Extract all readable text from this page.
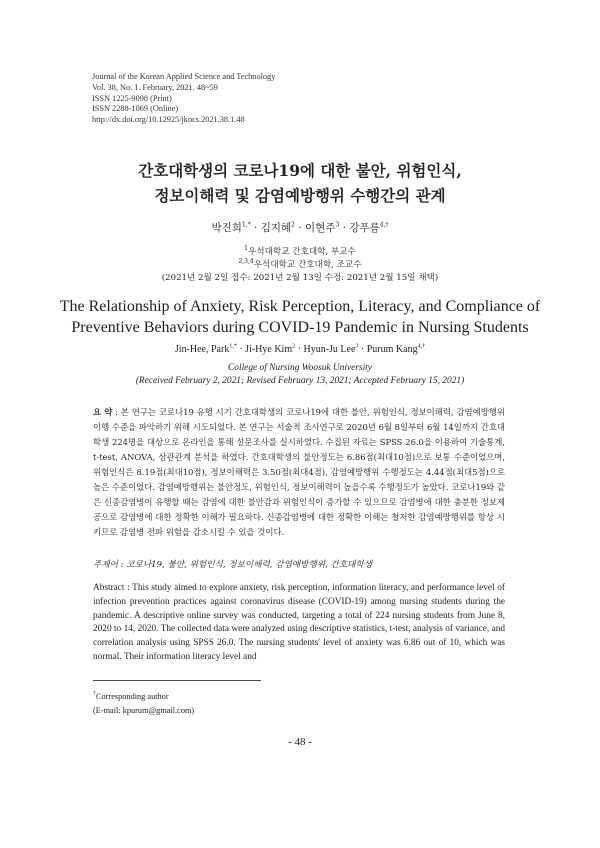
Journal of the Korean Applied Science and Technology
Vol. 38, No. 1. February, 2021. 48~59
ISSN 1225-9098 (Print)
ISSN 2288-1069 (Online)
http://dx.doi.org/10.12925/jkocs.2021.38.1.48
간호대학생의 코로나19에 대한 불안, 위험인식,
정보이해력 및 감염예방행위 수행간의 관계
박진희$^{1,*}$ · 김지혜$^2$ · 이현주$^3$ · 강푸름$^{4,\dagger}$
$^1$우석대학교 간호대학, 부교수
$^{2,3,4}$우석대학교 간호대학, 조교수
(2021년 2월 2일 접수: 2021년 2월 13일 수정: 2021년 2월 15일 채택)
The Relationship of Anxiety, Risk Perception, Literacy, and Compliance of
Preventive Behaviors during COVID-19 Pandemic in Nursing Students
Jin-Hee, Park$^{1,*}$ · Ji-Hye Kim$^2$ · Hyun-Ju Lee$^3$ · Purum Kang$^{4,\dagger}$
College of Nursing Woosuk University
(Received February 2, 2021; Revised February 13, 2021; Accepted February 15, 2021)
요 약 : 본 연구는 코로나19 유행 시기 간호대학생의 코로나19에 대한 불안, 위험인식, 정보이해력, 감염예방행위 이행 수준을 파악하기 위해 시도되었다. 본 연구는 서술적 조사연구로 2020년 6월 8일부터 6월 14일까지 간호대학생 224명을 대상으로 온라인을 통해 설문조사를 실시하였다. 수집된 자료는 SPSS 26.0을 이용하여 기술통계, t-test, ANOVA, 상관관계 분석을 하였다. 간호대학생의 불안정도는 6.86점(최대10점)으로 보통 수준이었으며, 위험인식은 8.19점(최대10점), 정보이해력은 3.50점(최대4점), 감염예방행위 수행정도는 4.44점(최대5점)으로 높은 수준이었다. 감염예방행위는 불안정도, 위험인식, 정보이해력이 높을수록 수행정도가 높았다. 코로나19와 같은 신종감염병이 유행할 때는 감염에 대한 불안감과 위험인식이 증가할 수 있으므로 감염병에 대한 충분한 정보제공으로 감염병에 대한 정확한 이해가 필요하다. 신종감염병에 대한 정확한 이해는 철저한 감염예방행위를 항상 시키므로 감염병 전파 위험을 감소시킬 수 있을 것이다.
주제어 : 코로나19, 불안, 위험인식, 정보이해력, 감염예방행위, 간호대학생
Abstract : This study aimed to explore anxiety, risk perception, information literacy, and performance level of infection prevention practices against coronavirus disease (COVID-19) among nursing students during the pandemic. A descriptive online survey was conducted, targeting a total of 224 nursing students from June 8, 2020 to 14, 2020. The collected data were analyzed using descriptive statistics, t-test, analysis of variance, and correlation analysis using SPSS 26.0. The nursing students' level of anxiety was 6.86 out of 10, which was normal. Their information literacy level and
†Corresponding author
(E-mail: kpurum@gmail.com)
- 48 -
